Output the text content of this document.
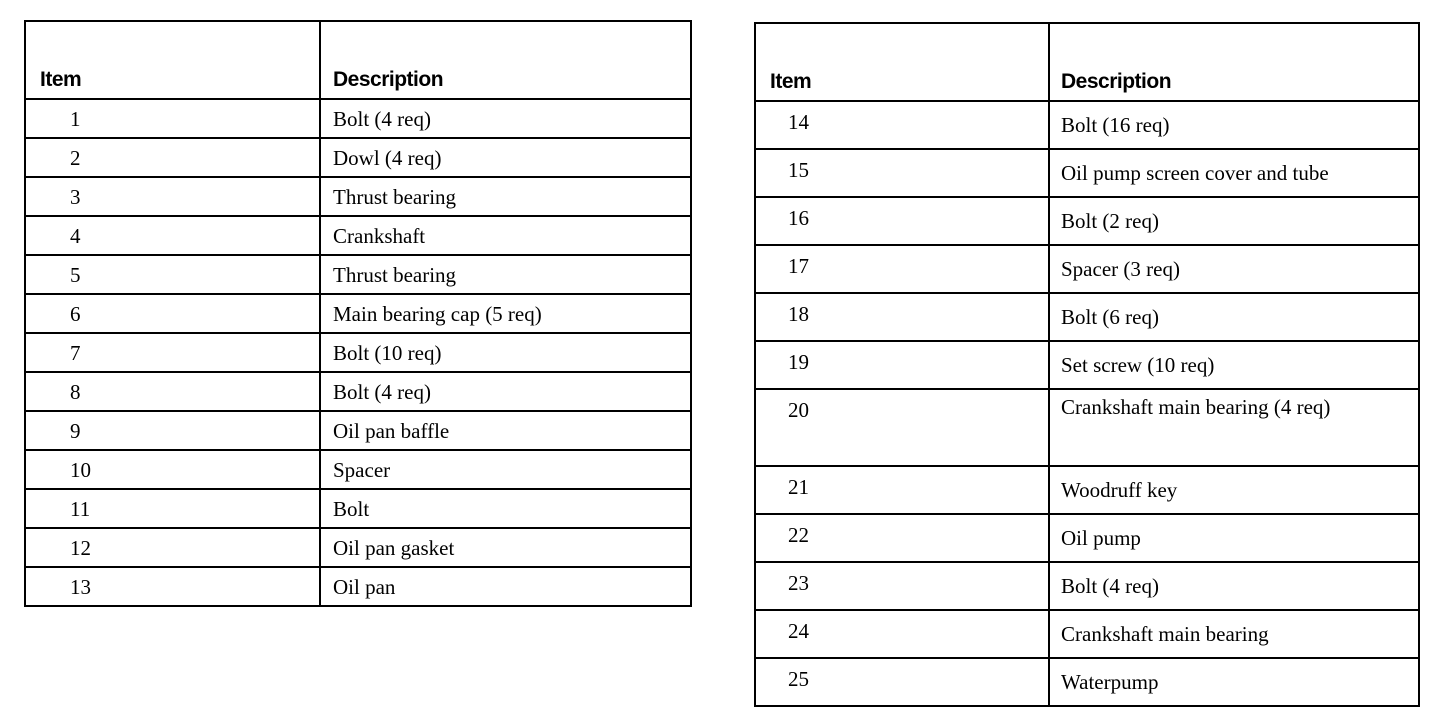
Item	Description
1	Bolt (4 req)
2	Dowl (4 req)
3	Thrust bearing
4	Crankshaft
5	Thrust bearing
6	Main bearing cap (5 req)
7	Bolt (10 req)
8	Bolt (4 req)
9	Oil pan baffle
10	Spacer
11	Bolt
12	Oil pan gasket
13	Oil pan
Item	Description
14	Bolt (16 req)
15	Oil pump screen cover and tube
16	Bolt (2 req)
17	Spacer (3 req)
18	Bolt (6 req)
19	Set screw (10 req)
20	Crankshaft main bearing (4 req)
21	Woodruff key
22	Oil pump
23	Bolt (4 req)
24	Crankshaft main bearing
25	Waterpump
